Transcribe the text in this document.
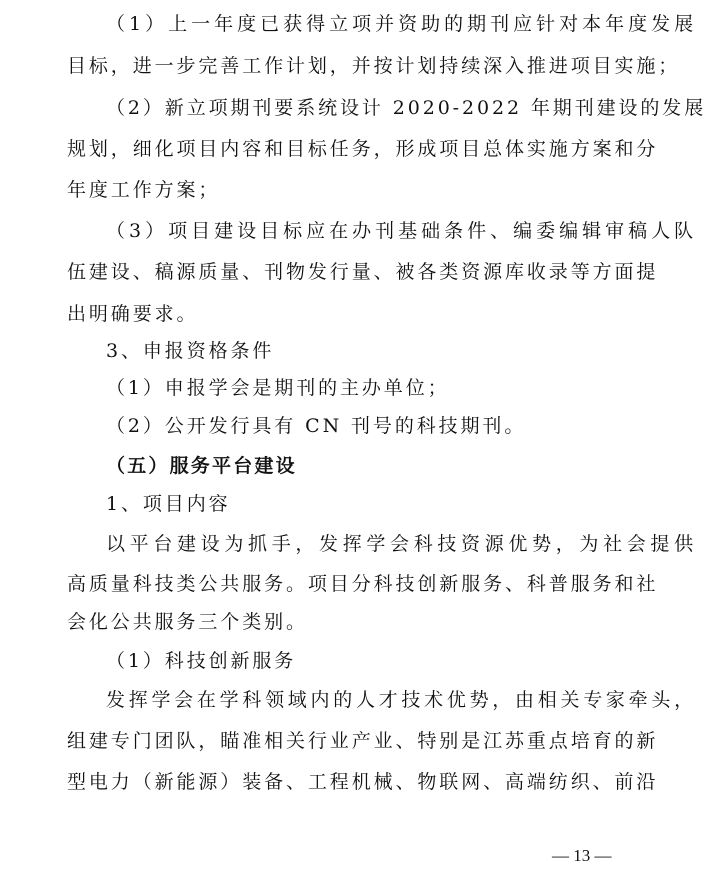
（1）上一年度已获得立项并资助的期刊应针对本年度发展
目标，进一步完善工作计划，并按计划持续深入推进项目实施；
（2）新立项期刊要系统设计 2020-2022 年期刊建设的发展
规划，细化项目内容和目标任务，形成项目总体实施方案和分
年度工作方案；
（3）项目建设目标应在办刊基础条件、编委编辑审稿人队
伍建设、稿源质量、刊物发行量、被各类资源库收录等方面提
出明确要求。
3、申报资格条件
（1）申报学会是期刊的主办单位；
（2）公开发行具有 CN 刊号的科技期刊。
（五）服务平台建设
1、项目内容
以平台建设为抓手，发挥学会科技资源优势，为社会提供
高质量科技类公共服务。项目分科技创新服务、科普服务和社
会化公共服务三个类别。
（1）科技创新服务
发挥学会在学科领域内的人才技术优势，由相关专家牵头，
组建专门团队，瞄准相关行业产业、特别是江苏重点培育的新
型电力（新能源）装备、工程机械、物联网、高端纺织、前沿
— 13 —
